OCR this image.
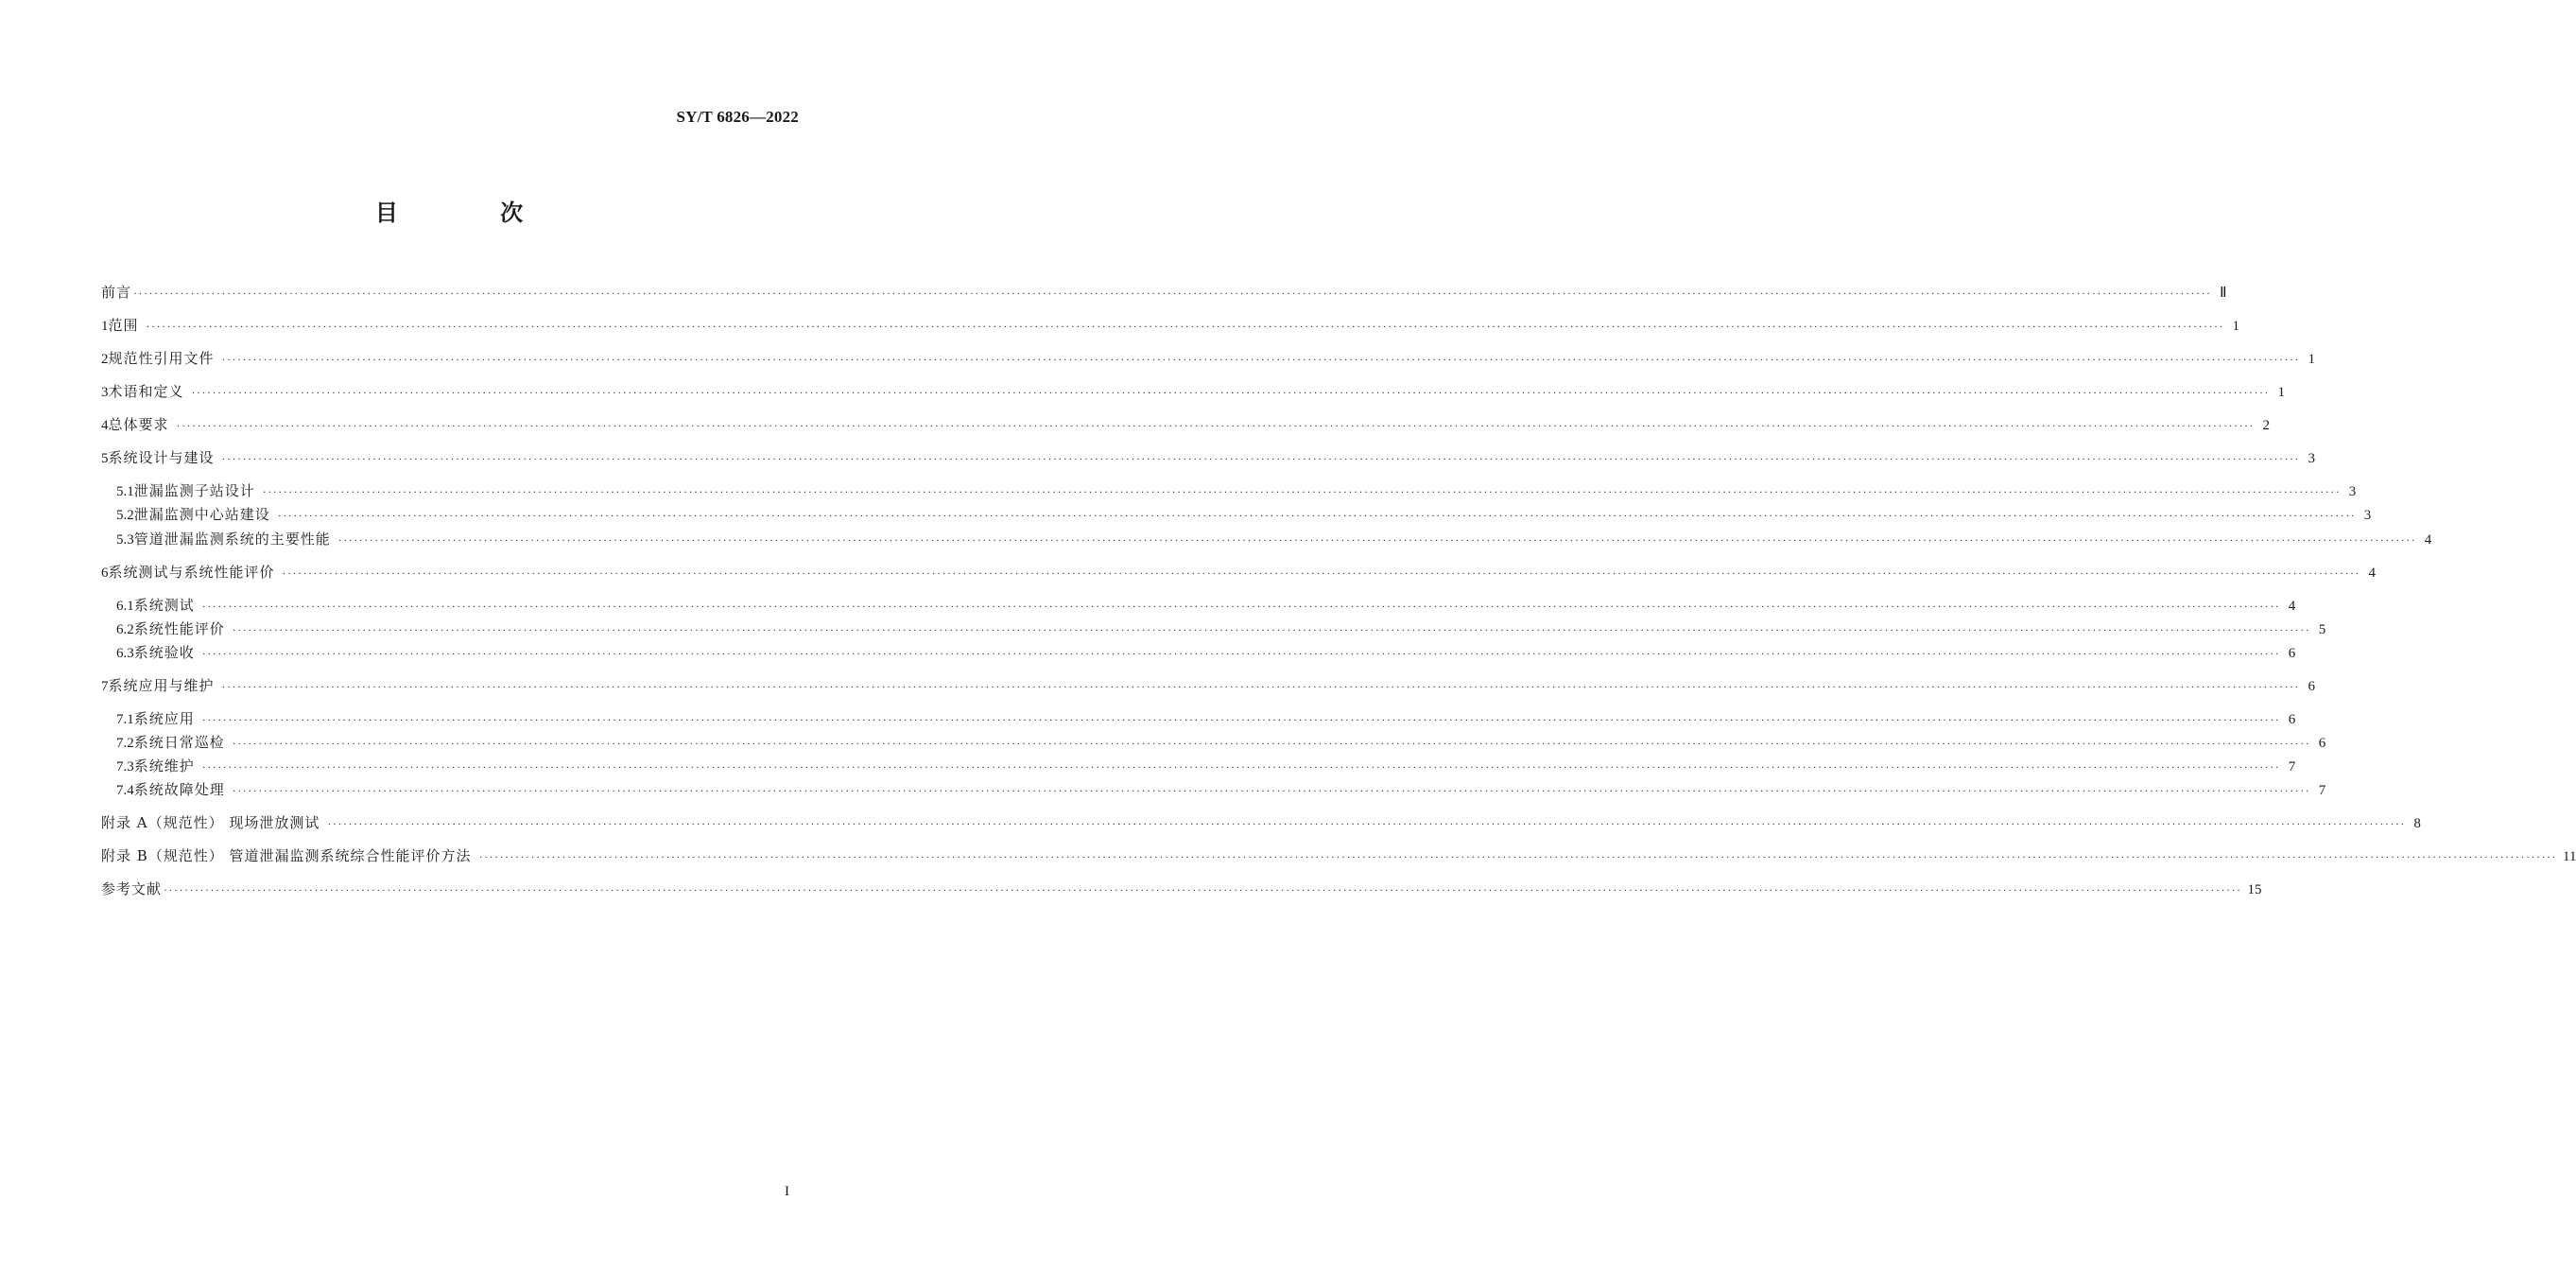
SY/T 6826—2022
目 次
前言 ················································································································································································································································································································································································································ Ⅱ
1 范围 ················································································································································································································································································································································································································ 1
2 规范性引用文件 ················································································································································································································································································································································································································ 1
3 术语和定义 ················································································································································································································································································································································································································ 1
4 总体要求 ················································································································································································································································································································································································································ 2
5 系统设计与建设 ················································································································································································································································································································································································································ 3
5.1 泄漏监测子站设计 ················································································································································································································································································································································································································ 3
5.2 泄漏监测中心站建设 ················································································································································································································································································································································································································ 3
5.3 管道泄漏监测系统的主要性能 ················································································································································································································································································································································································································ 4
6 系统测试与系统性能评价 ················································································································································································································································································································································································································ 4
6.1 系统测试 ················································································································································································································································································································································································································ 4
6.2 系统性能评价 ················································································································································································································································································································································································································ 5
6.3 系统验收 ················································································································································································································································································································································································································ 6
7 系统应用与维护 ················································································································································································································································································································································································································ 6
7.1 系统应用 ················································································································································································································································································································································································································ 6
7.2 系统日常巡检 ················································································································································································································································································································································································································ 6
7.3 系统维护 ················································································································································································································································································································································································································ 7
7.4 系统故障处理 ················································································································································································································································································································································································································ 7
附录 A（规范性） 现场泄放测试 ················································································································································································································································································································································································································ 8
附录 B（规范性） 管道泄漏监测系统综合性能评价方法 ················································································································································································································································································································································································································ 11
参考文献 ················································································································································································································································································································································································································ 15
I
